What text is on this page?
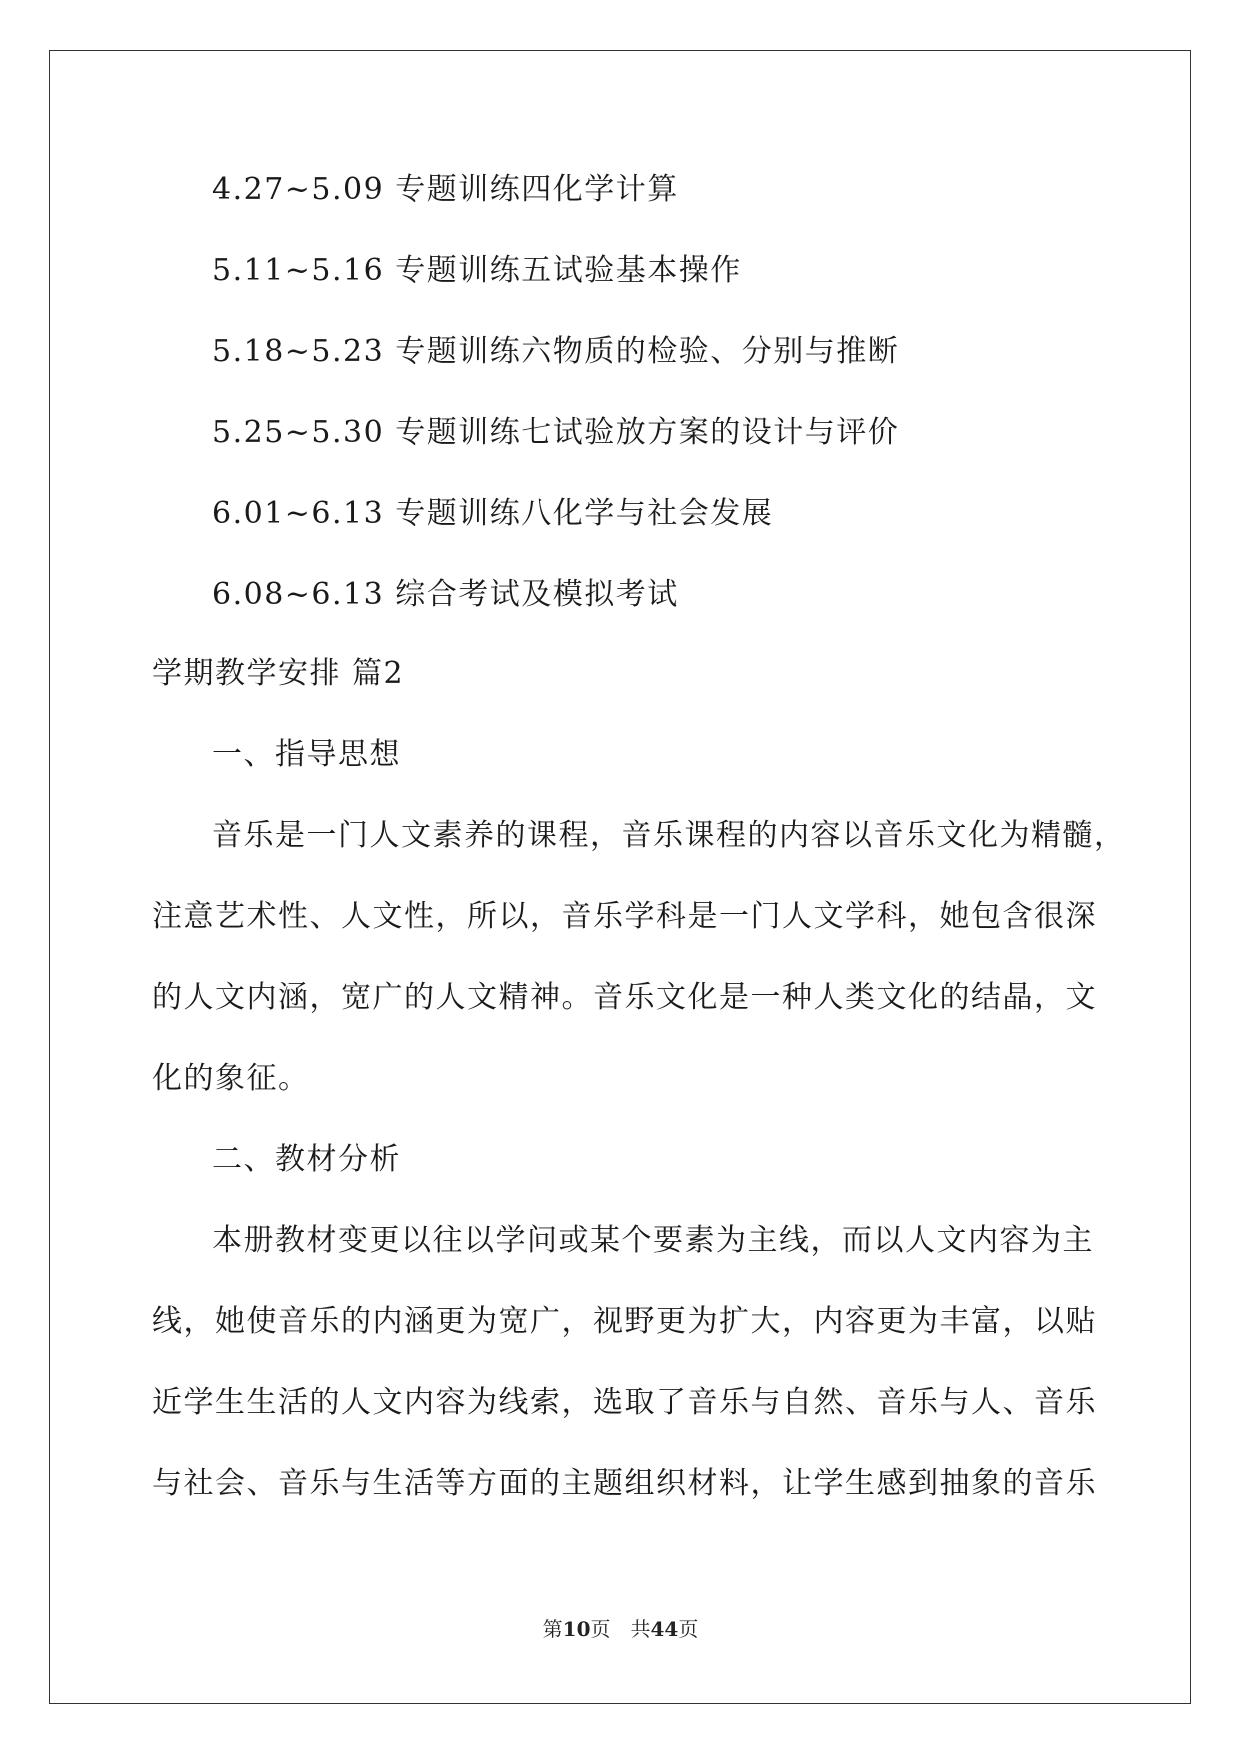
4.27~5.09 专题训练四化学计算
5.11~5.16 专题训练五试验基本操作
5.18~5.23 专题训练六物质的检验、分别与推断
5.25~5.30 专题训练七试验放方案的设计与评价
6.01~6.13 专题训练八化学与社会发展
6.08~6.13 综合考试及模拟考试
学期教学安排 篇2
一、指导思想
音乐是一门人文素养的课程，音乐课程的内容以音乐文化为精髓，
注意艺术性、人文性，所以，音乐学科是一门人文学科，她包含很深
的人文内涵，宽广的人文精神。音乐文化是一种人类文化的结晶，文
化的象征。
二、教材分析
本册教材变更以往以学问或某个要素为主线，而以人文内容为主
线，她使音乐的内涵更为宽广，视野更为扩大，内容更为丰富，以贴
近学生生活的人文内容为线索，选取了音乐与自然、音乐与人、音乐
与社会、音乐与生活等方面的主题组织材料，让学生感到抽象的音乐
第10页　共44页
